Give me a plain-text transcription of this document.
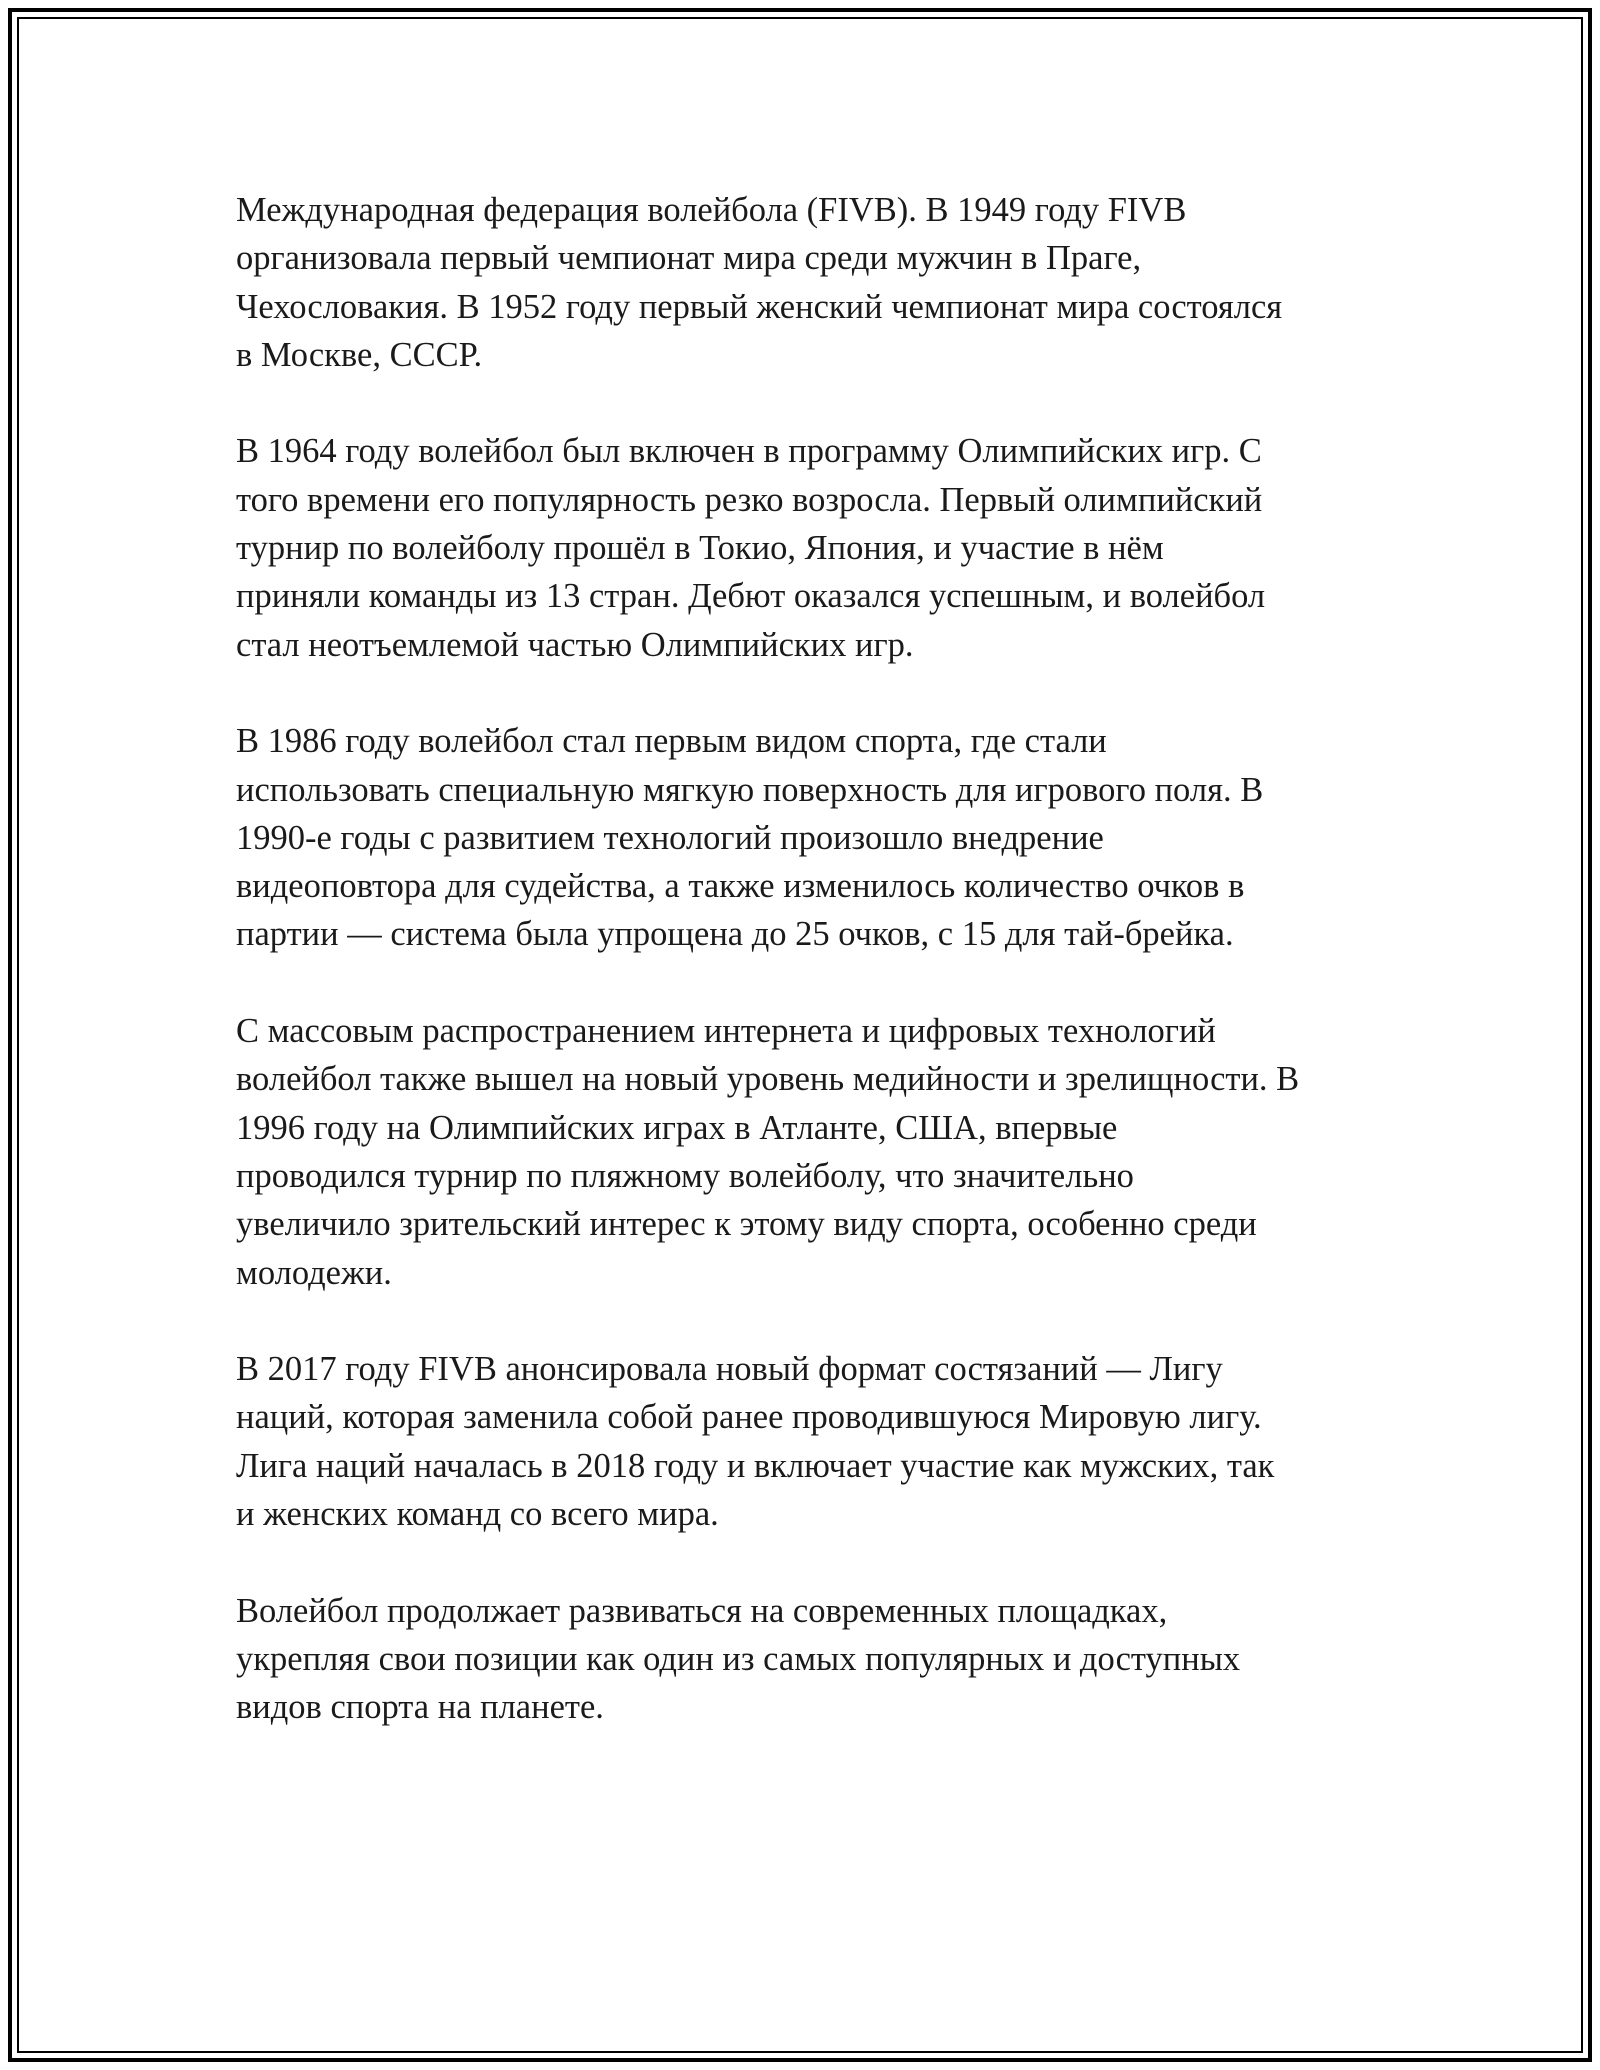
Международная федерация волейбола (FIVB). В 1949 году FIVB
организовала первый чемпионат мира среди мужчин в Праге,
Чехословакия. В 1952 году первый женский чемпионат мира состоялся
в Москве, СССР.

В 1964 году волейбол был включен в программу Олимпийских игр. С
того времени его популярность резко возросла. Первый олимпийский
турнир по волейболу прошёл в Токио, Япония, и участие в нём
приняли команды из 13 стран. Дебют оказался успешным, и волейбол
стал неотъемлемой частью Олимпийских игр.

В 1986 году волейбол стал первым видом спорта, где стали
использовать специальную мягкую поверхность для игрового поля. В
1990-е годы с развитием технологий произошло внедрение
видеоповтора для судейства, а также изменилось количество очков в
партии — система была упрощена до 25 очков, с 15 для тай-брейка.

С массовым распространением интернета и цифровых технологий
волейбол также вышел на новый уровень медийности и зрелищности. В
1996 году на Олимпийских играх в Атланте, США, впервые
проводился турнир по пляжному волейболу, что значительно
увеличило зрительский интерес к этому виду спорта, особенно среди
молодежи.

В 2017 году FIVB анонсировала новый формат состязаний — Лигу
наций, которая заменила собой ранее проводившуюся Мировую лигу.
Лига наций началась в 2018 году и включает участие как мужских, так
и женских команд со всего мира.

Волейбол продолжает развиваться на современных площадках,
укрепляя свои позиции как один из самых популярных и доступных
видов спорта на планете.
